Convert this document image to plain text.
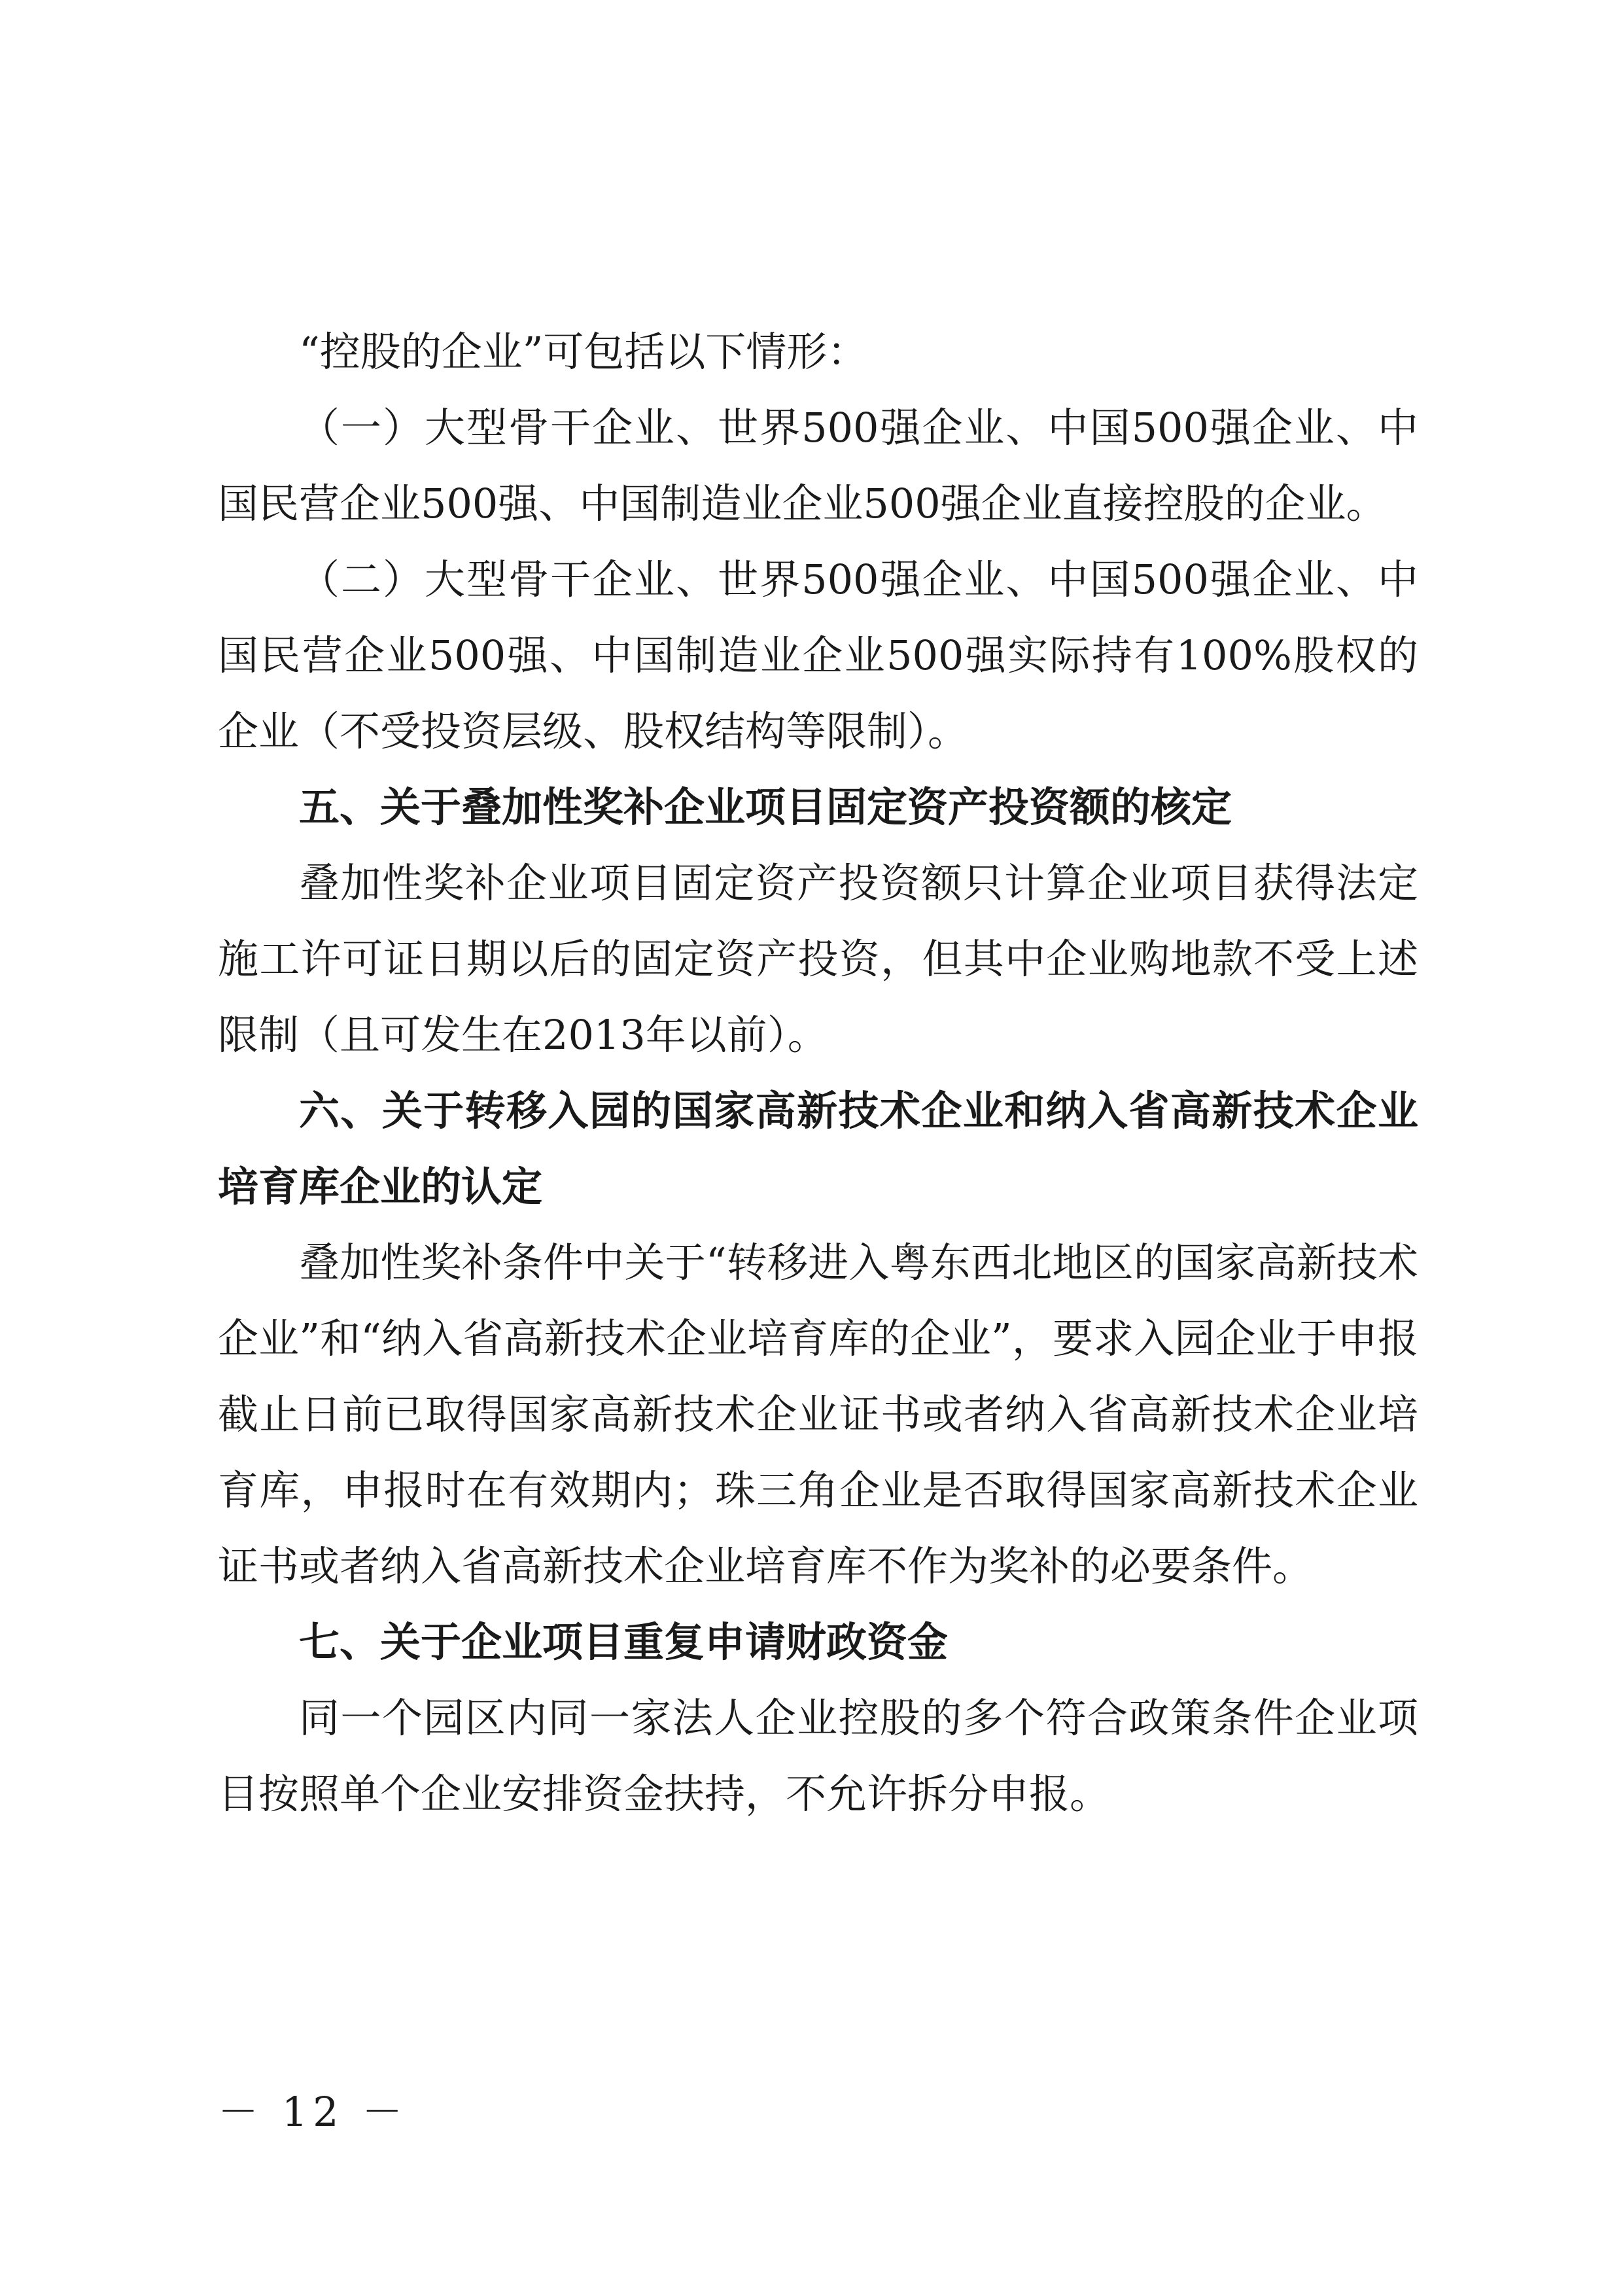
“控股的企业”可包括以下情形：

（一）大型骨干企业、世界500强企业、中国500强企业、中国民营企业500强、中国制造业企业500强企业直接控股的企业。

（二）大型骨干企业、世界500强企业、中国500强企业、中国民营企业500强、中国制造业企业500强实际持有100%股权的企业（不受投资层级、股权结构等限制）。

五、关于叠加性奖补企业项目固定资产投资额的核定

叠加性奖补企业项目固定资产投资额只计算企业项目获得法定施工许可证日期以后的固定资产投资，但其中企业购地款不受上述限制（且可发生在2013年以前）。

六、关于转移入园的国家高新技术企业和纳入省高新技术企业培育库企业的认定

叠加性奖补条件中关于“转移进入粤东西北地区的国家高新技术企业”和“纳入省高新技术企业培育库的企业”，要求入园企业于申报截止日前已取得国家高新技术企业证书或者纳入省高新技术企业培育库，申报时在有效期内；珠三角企业是否取得国家高新技术企业证书或者纳入省高新技术企业培育库不作为奖补的必要条件。

七、关于企业项目重复申请财政资金

同一个园区内同一家法人企业控股的多个符合政策条件企业项目按照单个企业安排资金扶持，不允许拆分申报。

－ 12 －
